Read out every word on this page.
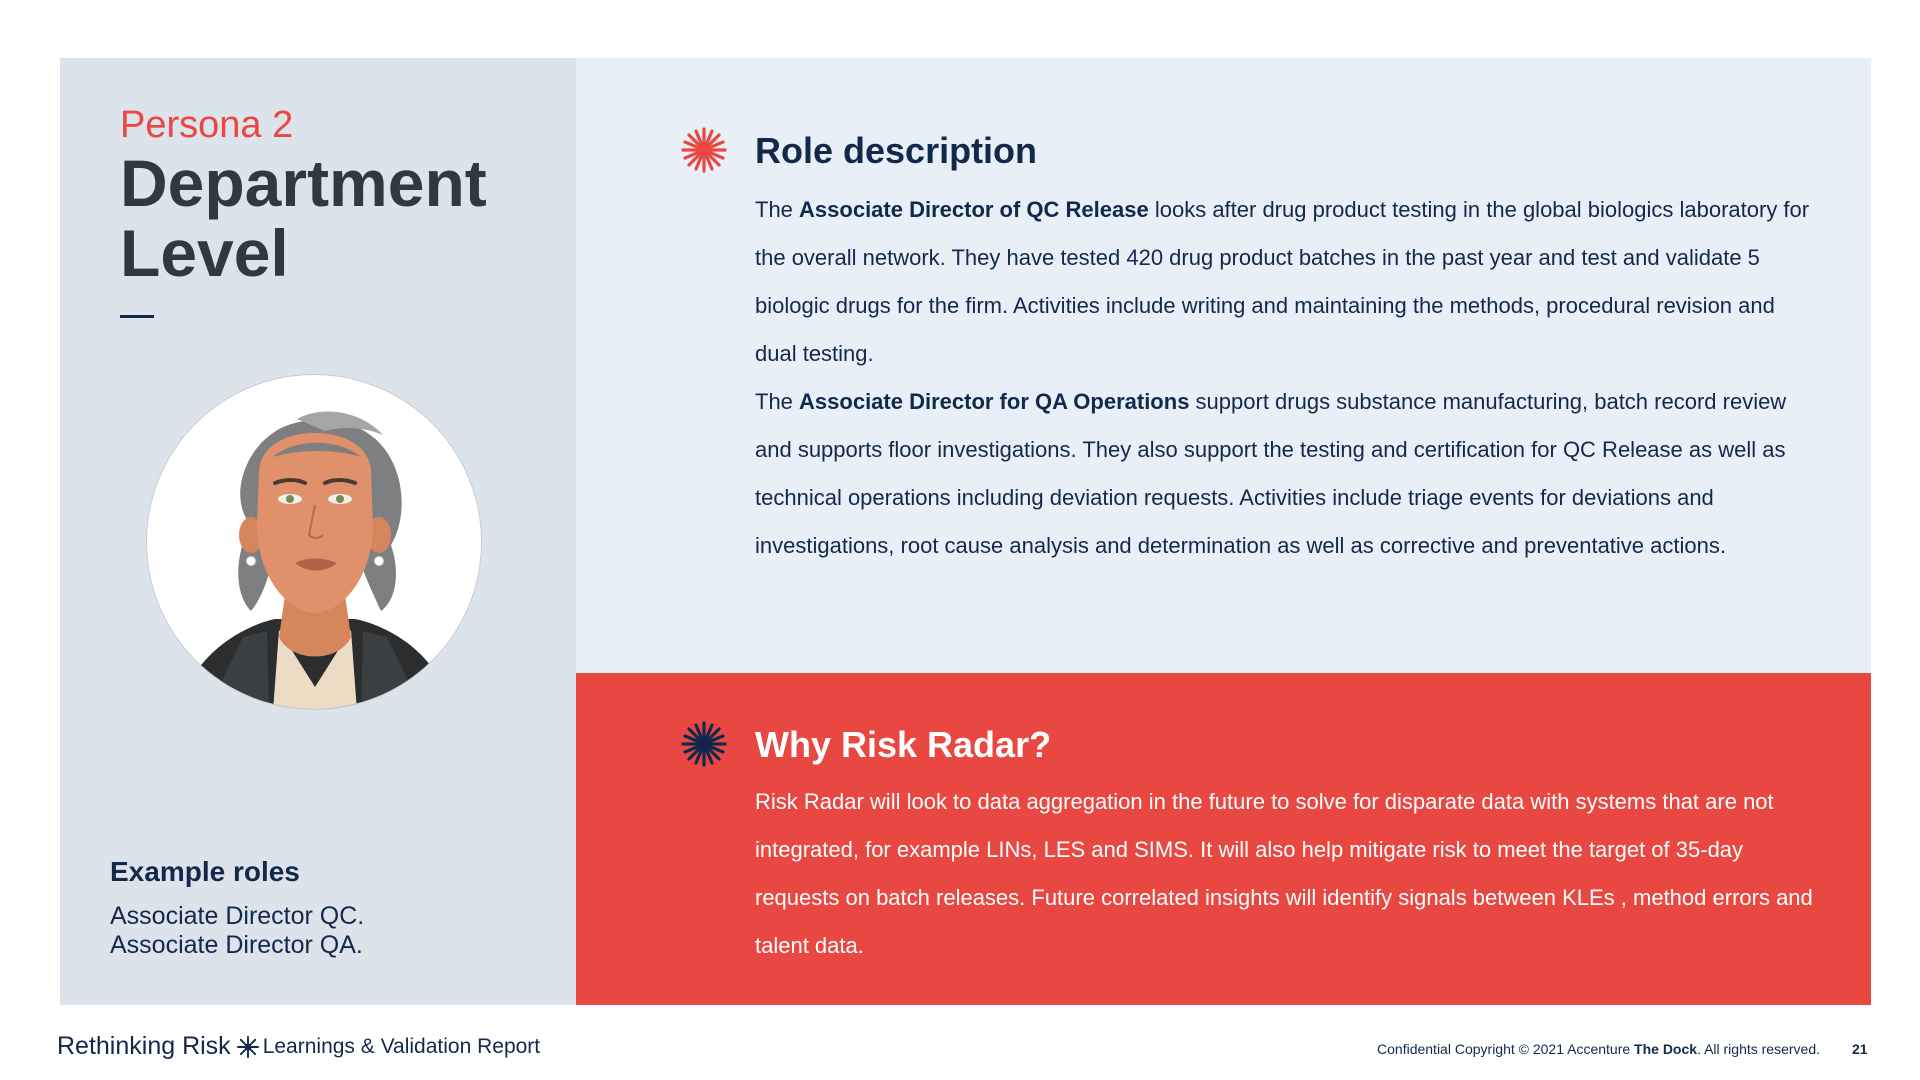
Persona 2
Department Level
Example roles
Associate Director QC.
Associate Director QA.
Role description
The Associate Director of QC Release looks after drug product testing in the global biologics laboratory for the overall network. They have tested 420 drug product batches in the past year and test and validate 5 biologic drugs for the firm. Activities include writing and maintaining the methods, procedural revision and dual testing.
The Associate Director for QA Operations support drugs substance manufacturing, batch record review and supports floor investigations. They also support the testing and certification for QC Release as well as technical operations including deviation requests. Activities include triage events for deviations and investigations, root cause analysis and determination as well as corrective and preventative actions.
Why Risk Radar?
Risk Radar will look to data aggregation in the future to solve for disparate data with systems that are not integrated, for example LINs, LES and SIMS. It will also help mitigate risk to meet the target of 35-day requests on batch releases. Future correlated insights will identify signals between KLEs , method errors and talent data.
Rethinking Risk Learnings & Validation Report	Confidential Copyright © 2021 Accenture The Dock. All rights reserved. 21
